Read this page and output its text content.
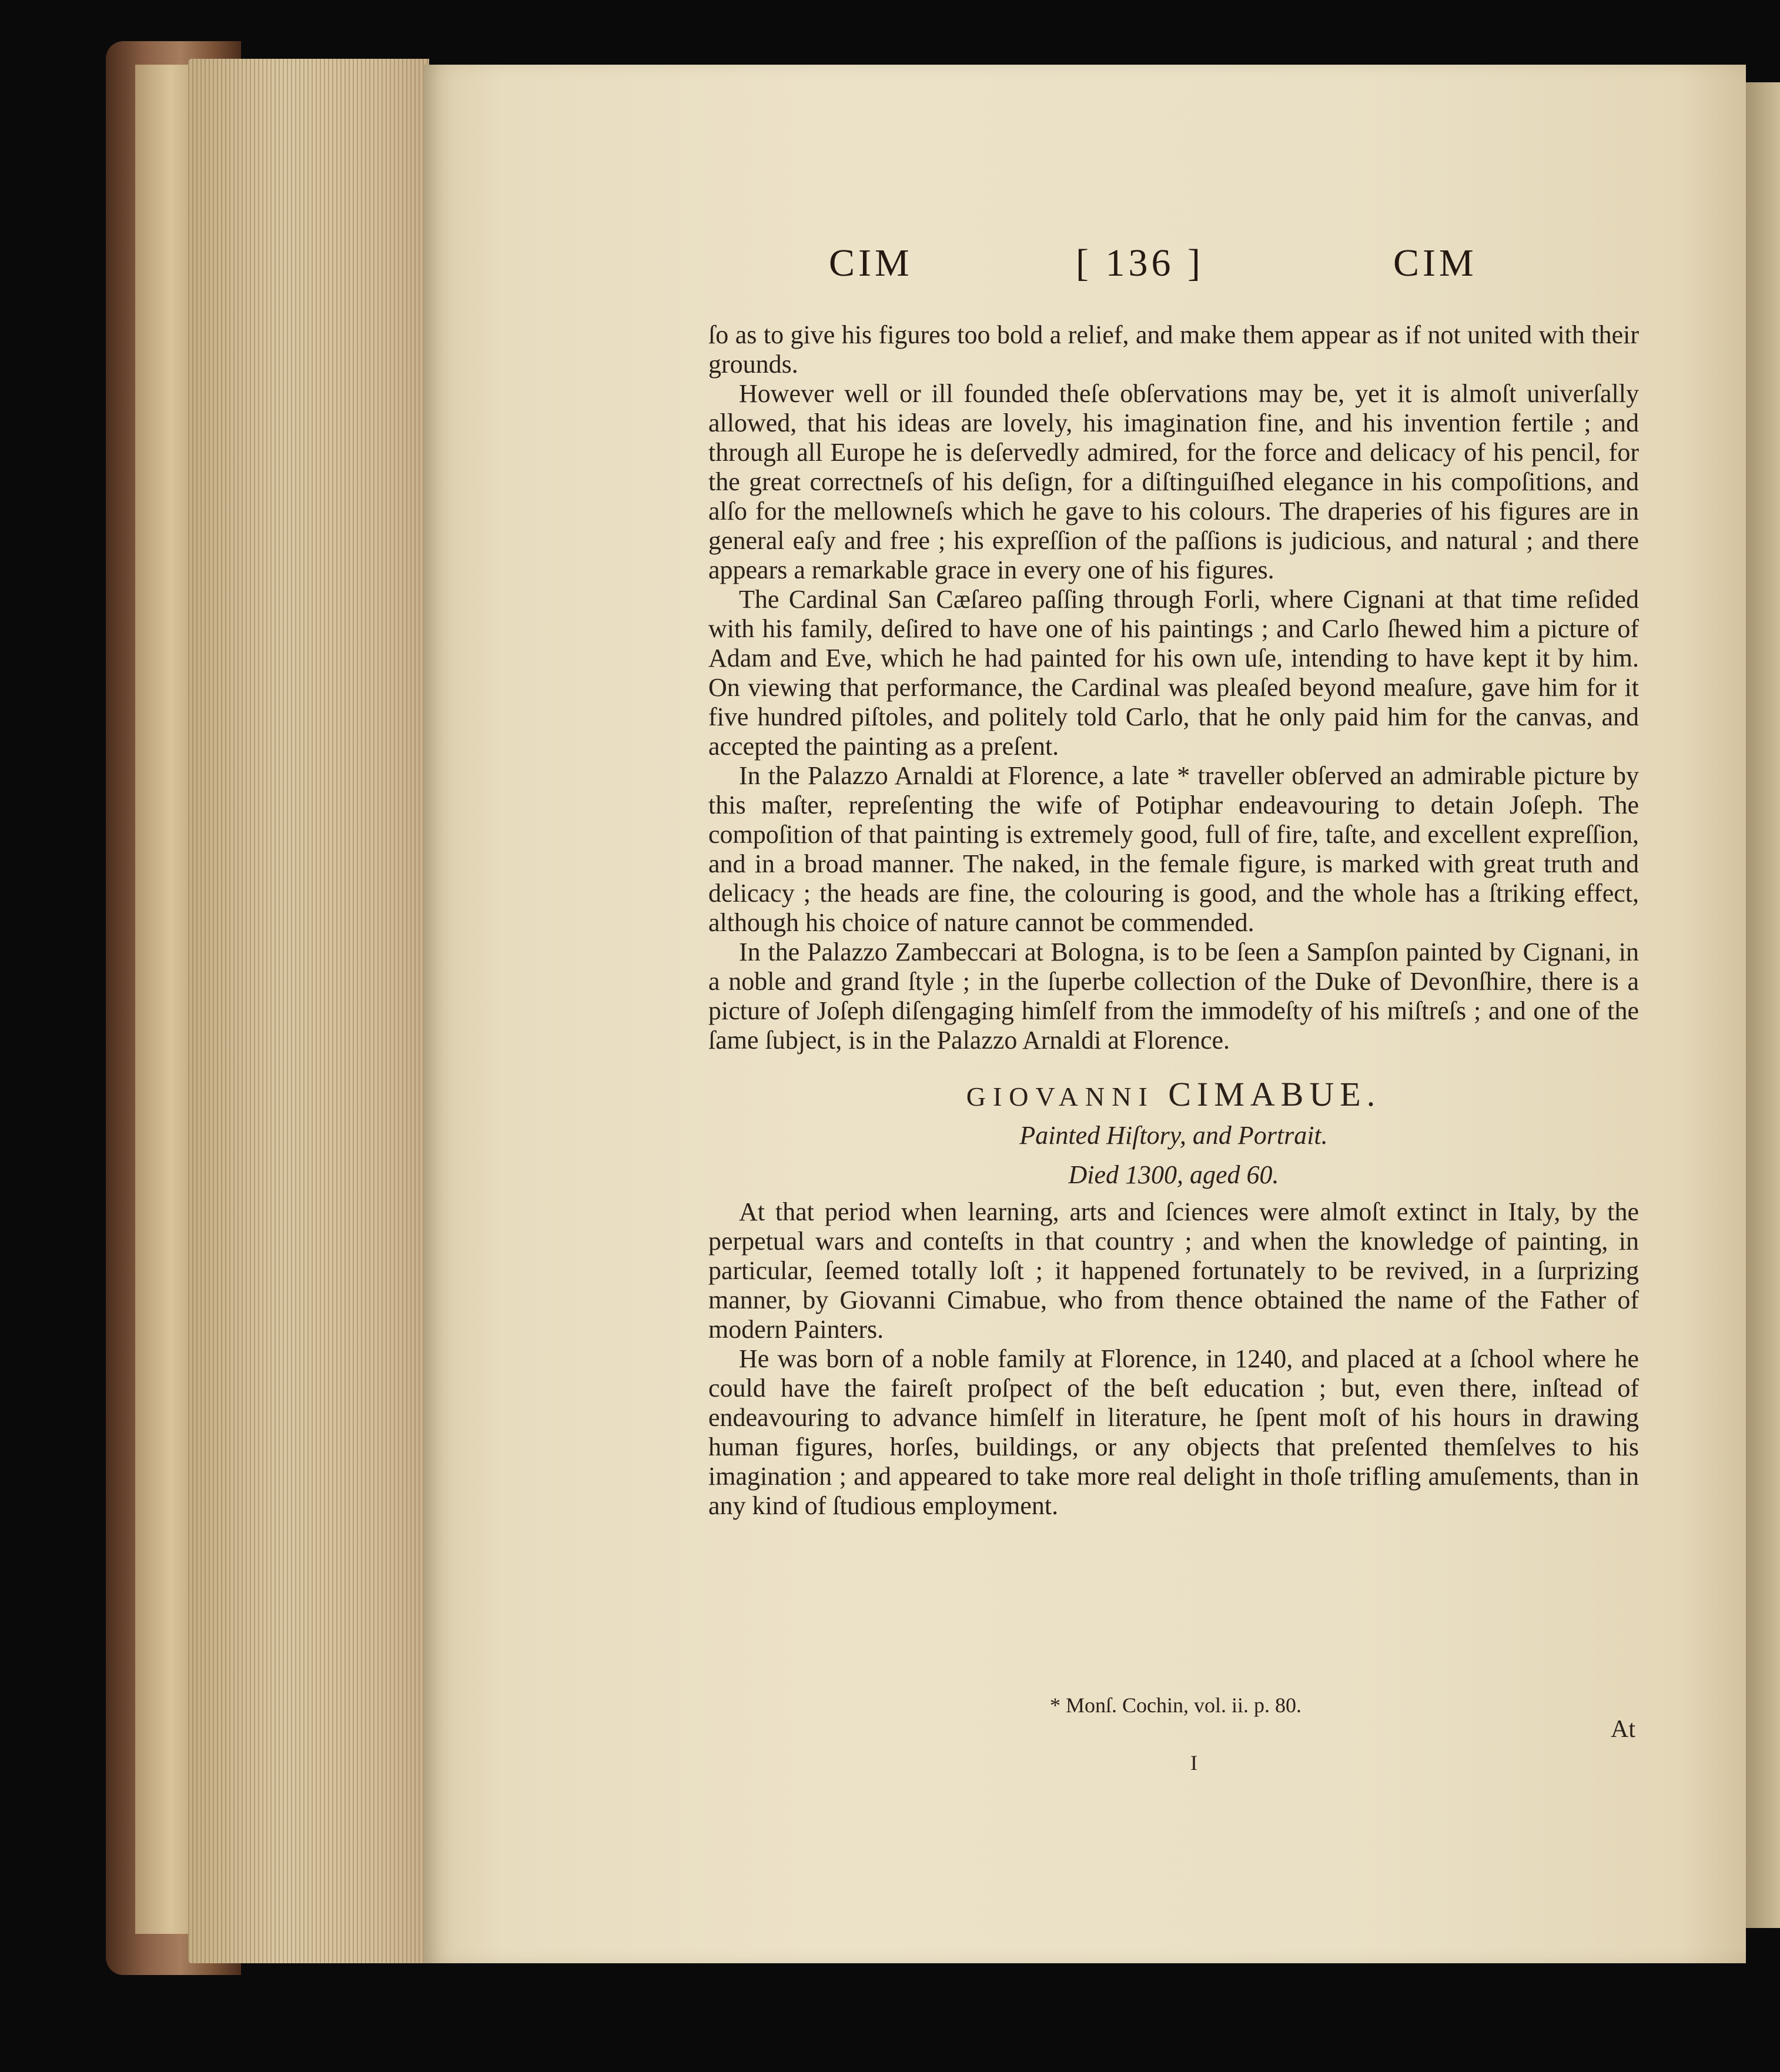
CIM	[ 136 ]	CIM

ſo as to give his figures too bold a relief, and make them appear as if not united with their grounds.

However well or ill founded theſe obſervations may be, yet it is almoſt univerſally allowed, that his ideas are lovely, his imagination fine, and his invention fertile ; and through all Europe he is deſervedly admired, for the force and delicacy of his pencil, for the great correctneſs of his deſign, for a diſtinguiſhed elegance in his compoſitions, and alſo for the mellowneſs which he gave to his colours. The draperies of his figures are in general eaſy and free ; his expreſſion of the paſſions is judicious, and natural ; and there appears a remarkable grace in every one of his figures.

The Cardinal San Cæſareo paſſing through Forli, where Cignani at that time reſided with his family, deſired to have one of his paintings ; and Carlo ſhewed him a picture of Adam and Eve, which he had painted for his own uſe, intending to have kept it by him. On viewing that performance, the Cardinal was pleaſed beyond meaſure, gave him for it five hundred piſtoles, and politely told Carlo, that he only paid him for the canvas, and accepted the painting as a preſent.

In the Palazzo Arnaldi at Florence, a late * traveller obſerved an admirable picture by this maſter, repreſenting the wife of Potiphar endeavouring to detain Joſeph. The compoſition of that painting is extremely good, full of fire, taſte, and excellent expreſſion, and in a broad manner. The naked, in the female figure, is marked with great truth and delicacy ; the heads are fine, the colouring is good, and the whole has a ſtriking effect, although his choice of nature cannot be commended.

In the Palazzo Zambeccari at Bologna, is to be ſeen a Sampſon painted by Cignani, in a noble and grand ſtyle ; in the ſuperbe collection of the Duke of Devonſhire, there is a picture of Joſeph diſengaging himſelf from the immodeſty of his miſtreſs ; and one of the ſame ſubject, is in the Palazzo Arnaldi at Florence.

GIOVANNI CIMABUE.

Painted Hiſtory, and Portrait.

Died 1300, aged 60.

At that period when learning, arts and ſciences were almoſt extinct in Italy, by the perpetual wars and conteſts in that country ; and when the knowledge of painting, in particular, ſeemed totally loſt ; it happened fortunately to be revived, in a ſurprizing manner, by Giovanni Cimabue, who from thence obtained the name of the Father of modern Painters.

He was born of a noble family at Florence, in 1240, and placed at a ſchool where he could have the faireſt proſpect of the beſt education ; but, even there, inſtead of endeavouring to advance himſelf in literature, he ſpent moſt of his hours in drawing human figures, horſes, buildings, or any objects that preſented themſelves to his imagination ; and appeared to take more real delight in thoſe trifling amuſements, than in any kind of ſtudious employment.

* Monſ. Cochin, vol. ii. p. 80.
At
I
